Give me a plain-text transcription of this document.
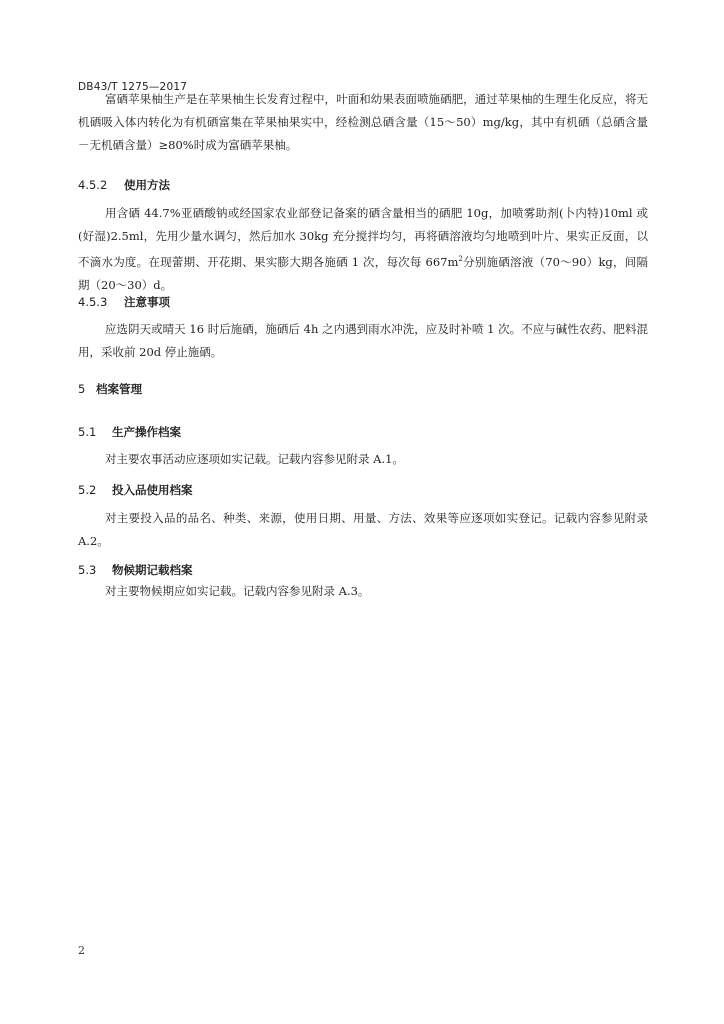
DB43/T 1275—2017

富硒苹果柚生产是在苹果柚生长发育过程中，叶面和幼果表面喷施硒肥，通过苹果柚的生理生化反应，将无机硒吸入体内转化为有机硒富集在苹果柚果实中，经检测总硒含量（15～50）mg/kg，其中有机硒（总硒含量－无机硒含量）≥80%时成为富硒苹果柚。

4.5.2 使用方法

用含硒 44.7%亚硒酸钠或经国家农业部登记备案的硒含量相当的硒肥 10g，加喷雾助剂(卜内特)10ml 或(好湿)2.5ml，先用少量水调匀，然后加水 30kg 充分搅拌均匀，再将硒溶液均匀地喷到叶片、果实正反面，以不滴水为度。在现蕾期、开花期、果实膨大期各施硒 1 次，每次每 $667m^2$分别施硒溶液（70～90）kg，间隔期（20～30）d。

4.5.3 注意事项

应选阴天或晴天 16 时后施硒，施硒后 4h 之内遇到雨水冲洗，应及时补喷 1 次。不应与碱性农药、肥料混用，采收前 20d 停止施硒。

5 档案管理
5.1 生产操作档案

对主要农事活动应逐项如实记载。记载内容参见附录 A.1。

5.2 投入品使用档案

对主要投入品的品名、种类、来源，使用日期、用量、方法、效果等应逐项如实登记。记载内容参见附录 A.2。

5.3 物候期记载档案

对主要物候期应如实记载。记载内容参见附录 A.3。

2
